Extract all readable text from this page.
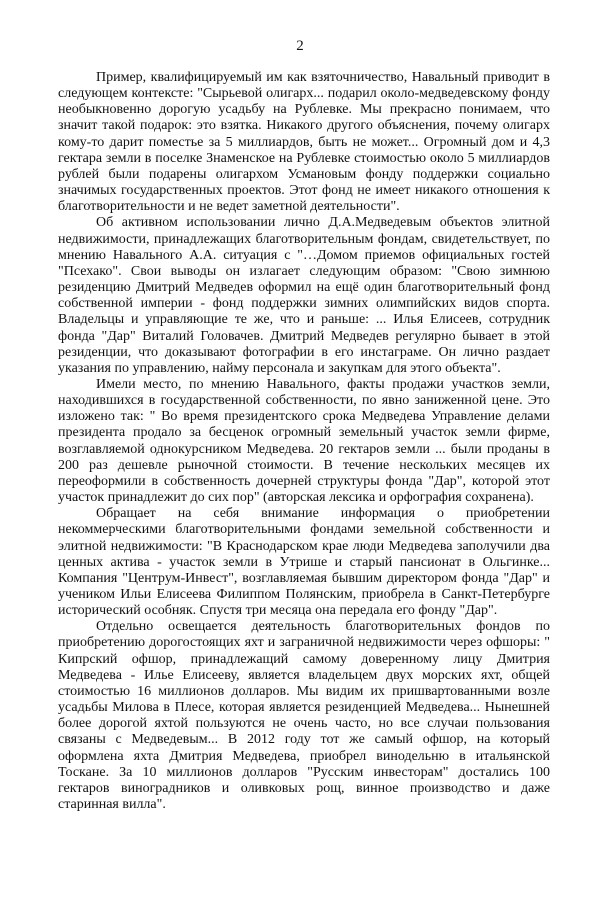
2

Пример, квалифицируемый им как взяточничество, Навальный приводит в следующем контексте: "Сырьевой олигарх... подарил около-медведевскому фонду необыкновенно дорогую усадьбу на Рублевке. Мы прекрасно понимаем, что значит такой подарок: это взятка. Никакого другого объяснения, почему олигарх кому-то дарит поместье за 5 миллиардов, быть не может... Огромный дом и 4,3 гектара земли в поселке Знаменское на Рублевке стоимостью около 5 миллиардов рублей были подарены олигархом Усмановым фонду поддержки социально значимых государственных проектов. Этот фонд не имеет никакого отношения к благотворительности и не ведет заметной деятельности".

Об активном использовании лично Д.А.Медведевым объектов элитной недвижимости, принадлежащих благотворительным фондам, свидетельствует, по мнению Навального А.А. ситуация с "…Домом приемов официальных гостей "Псехако". Свои выводы он излагает следующим образом: "Свою зимнюю резиденцию Дмитрий Медведев оформил на ещё один благотворительный фонд собственной империи - фонд поддержки зимних олимпийских видов спорта. Владельцы и управляющие те же, что и раньше: ... Илья Елисеев, сотрудник фонда "Дар" Виталий Головачев. Дмитрий Медведев регулярно бывает в этой резиденции, что доказывают фотографии в его инстаграме. Он лично раздает указания по управлению, найму персонала и закупкам для этого объекта".

Имели место, по мнению Навального, факты продажи участков земли, находившихся в государственной собственности, по явно заниженной цене. Это изложено так: " Во время президентского срока Медведева Управление делами президента продало за бесценок огромный земельный участок земли фирме, возглавляемой однокурсником Медведева. 20 гектаров земли ... были проданы в 200 раз дешевле рыночной стоимости. В течение нескольких месяцев их переоформили в собственность дочерней структуры фонда "Дар", которой этот участок принадлежит до сих пор" (авторская лексика и орфография сохранена).

Обращает на себя внимание информация о приобретении некоммерческими благотворительными фондами земельной собственности и элитной недвижимости: "В Краснодарском крае люди Медведева заполучили два ценных актива - участок земли в Утрише и старый пансионат в Ольгинке... Компания "Центрум-Инвест", возглавляемая бывшим директором фонда "Дар" и учеником Ильи Елисеева Филиппом Полянским, приобрела в Санкт-Петербурге исторический особняк. Спустя три месяца она передала его фонду "Дар".

Отдельно освещается деятельность благотворительных фондов по приобретению дорогостоящих яхт и заграничной недвижимости через офшоры: " Кипрский офшор, принадлежащий самому доверенному лицу Дмитрия Медведева - Илье Елисееву, является владельцем двух морских яхт, общей стоимостью 16 миллионов долларов. Мы видим их пришвартованными возле усадьбы Милова в Плесе, которая является резиденцией Медведева... Нынешней более дорогой яхтой пользуются не очень часто, но все случаи пользования связаны с Медведевым... В 2012 году тот же самый офшор, на который оформлена яхта Дмитрия Медведева, приобрел винодельню в итальянской Тоскане. За 10 миллионов долларов "Русским инвесторам" достались 100 гектаров виноградников и оливковых рощ, винное производство и даже старинная вилла".
